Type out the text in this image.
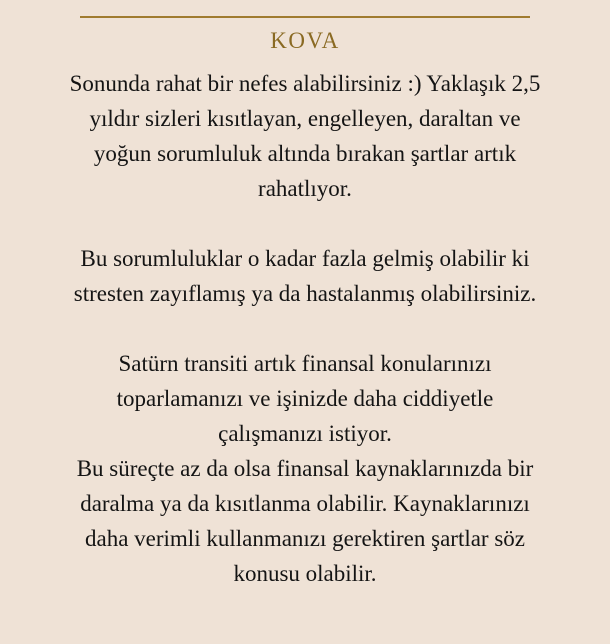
KOVA
Sonunda rahat bir nefes alabilirsiniz :) Yaklaşık 2,5
yıldır sizleri kısıtlayan, engelleyen, daraltan ve
yoğun sorumluluk altında bırakan şartlar artık
rahatlıyor.
Bu sorumluluklar o kadar fazla gelmiş olabilir ki
stresten zayıflamış ya da hastalanmış olabilirsiniz.
Satürn transiti artık finansal konularınızı
toparlamanızı ve işinizde daha ciddiyetle
çalışmanızı istiyor.
Bu süreçte az da olsa finansal kaynaklarınızda bir
daralma ya da kısıtlanma olabilir. Kaynaklarınızı
daha verimli kullanmanızı gerektiren şartlar söz
konusu olabilir.
